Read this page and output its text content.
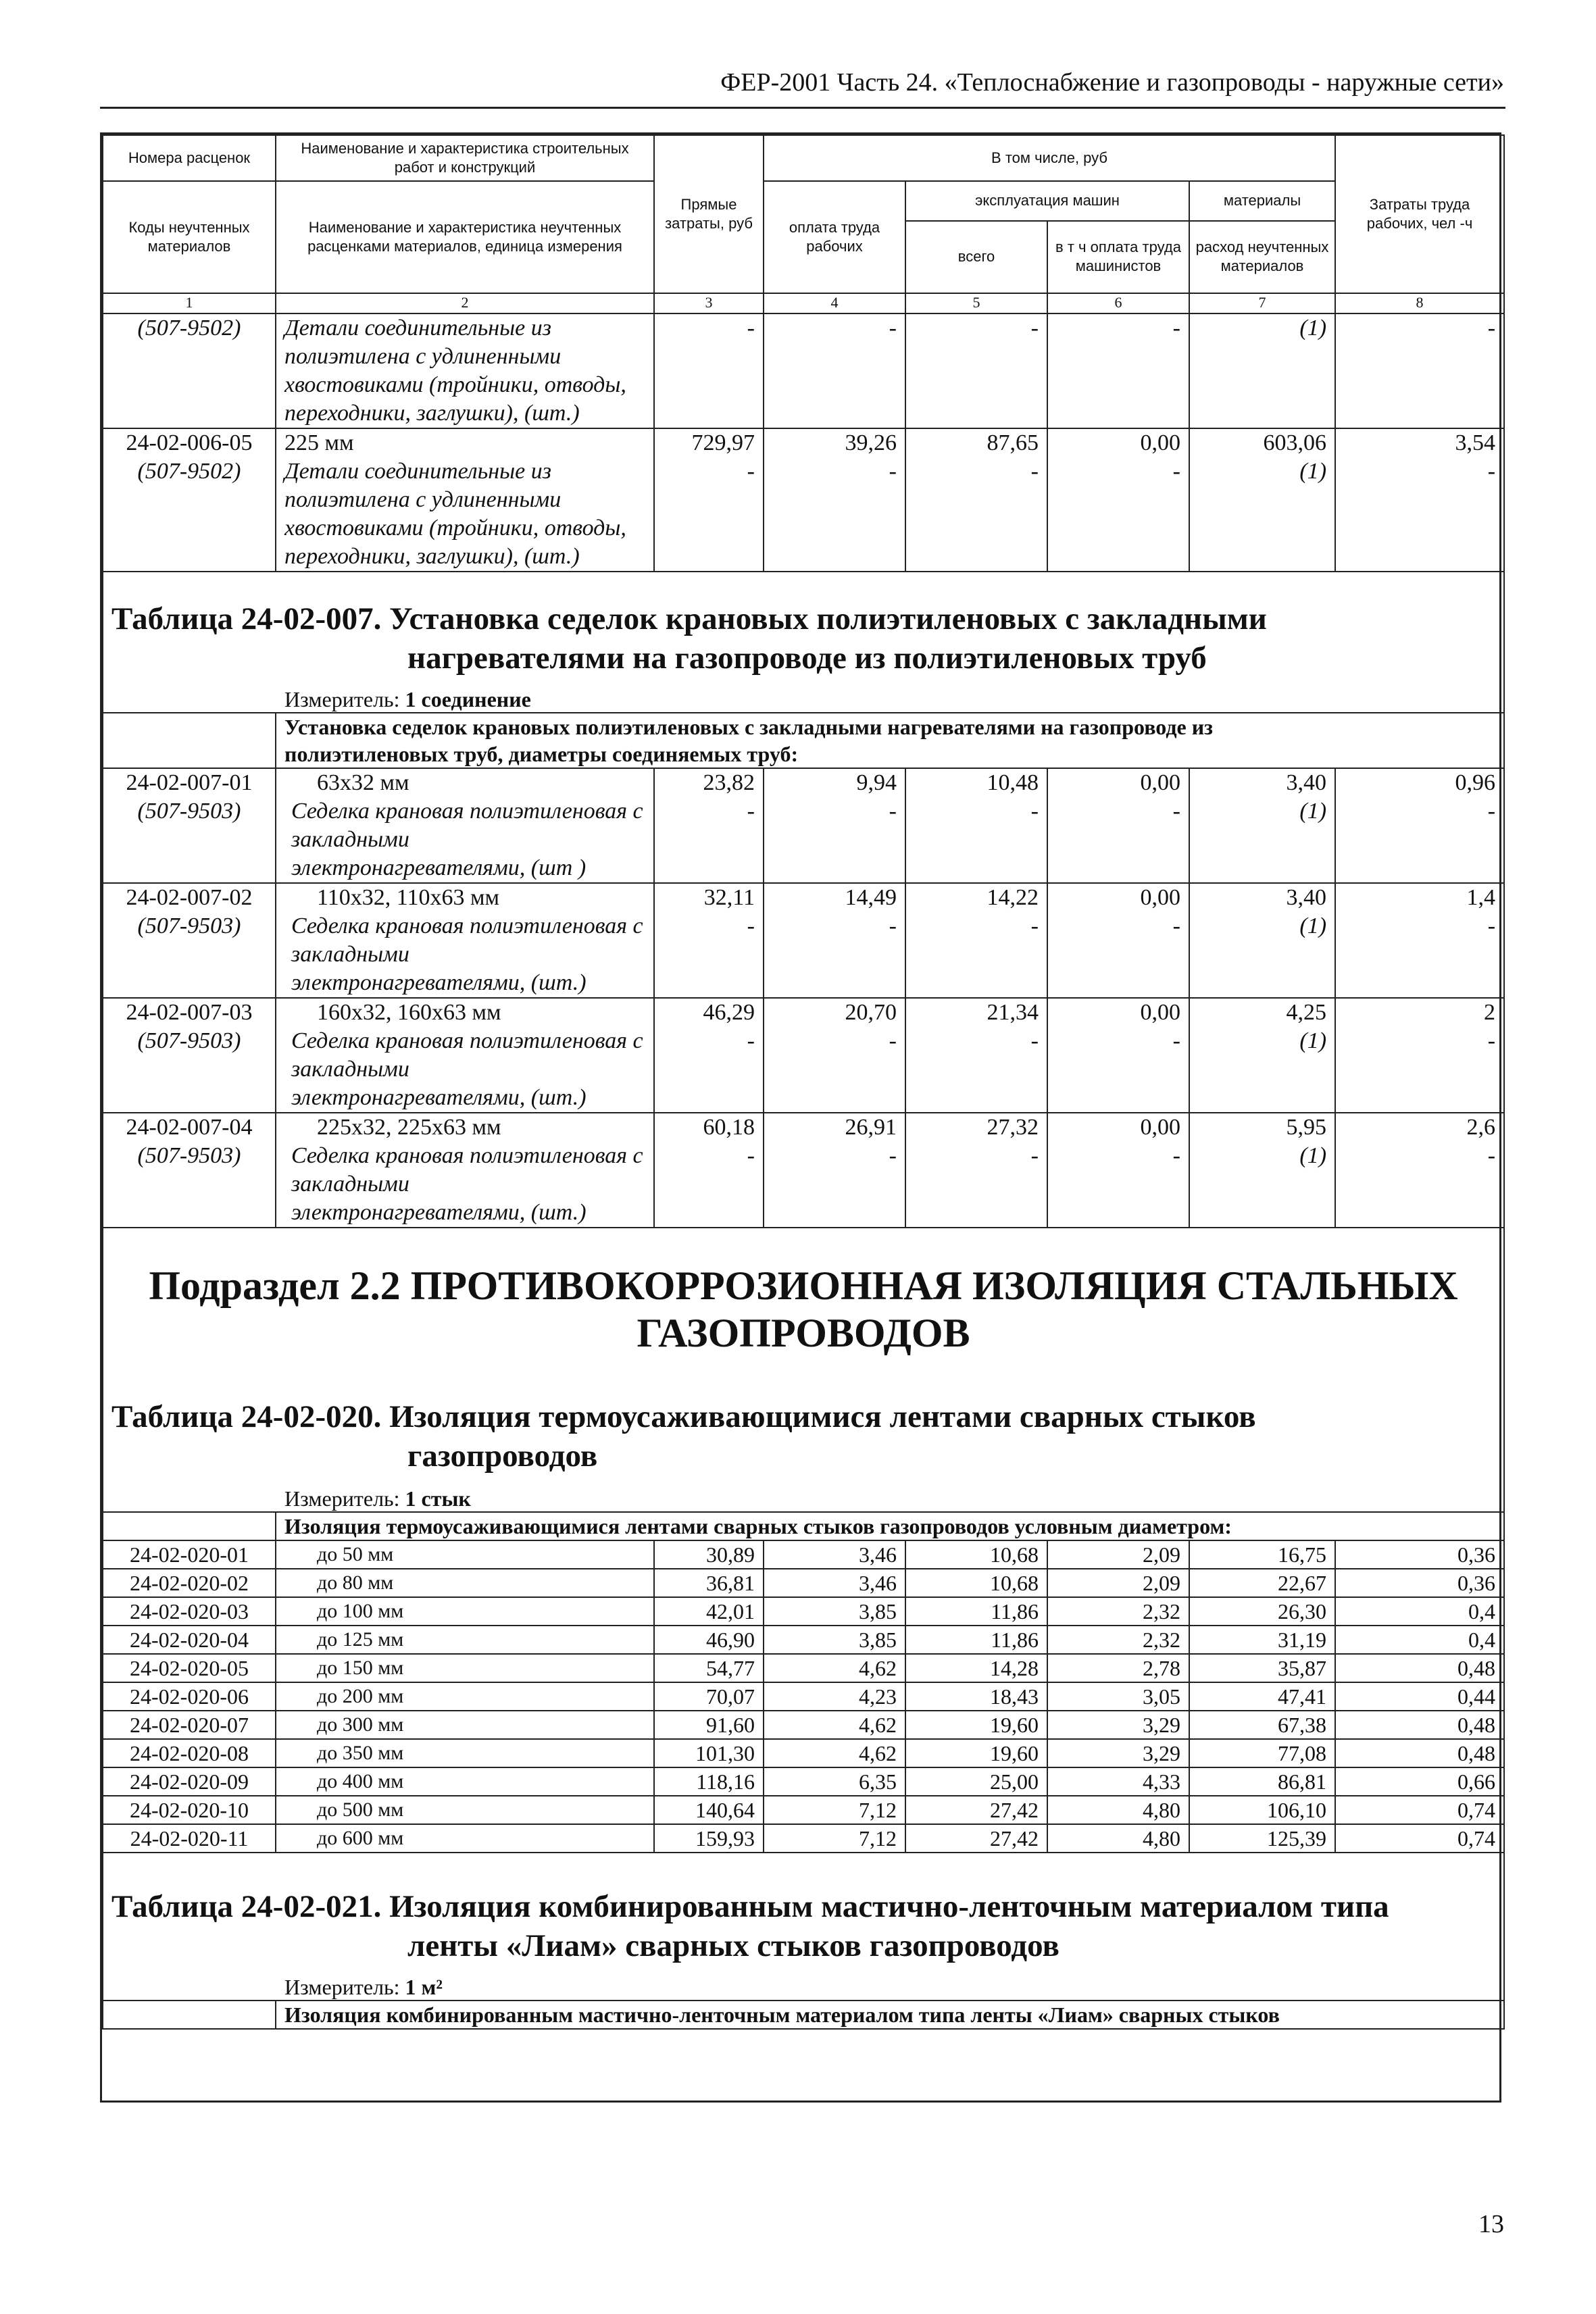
ФЕР-2001 Часть 24. «Теплоснабжение и газопроводы - наружные сети»
Номера расценок	Наименование и характеристика строительных работ и конструкций	Прямые затраты, руб	В том числе, руб				Затраты труда рабочих, чел -ч
Коды неучтенных материалов	Наименование и характеристика неучтенных расценками материалов, единица измерения		оплата труда рабочих	эксплуатация машин		материалы	
				всего	в т ч оплата труда машинистов	расход неучтенных материалов	
1	2	3	4	5	6	7	8
(507-9502)	Детали соединительные из полиэтилена с удлиненными хвостовиками (тройники, отводы, переходники, заглушки), (шт.)	-	-	-	-	(1)	-
24-02-006-05	225 мм	729,97	39,26	87,65	0,00	603,06	3,54
(507-9502)	Детали соединительные из полиэтилена с удлиненными хвостовиками (тройники, отводы, переходники, заглушки), (шт.)	-	-	-	-	(1)	-

Таблица 24-02-007. Установка седелок крановых полиэтиленовых с закладными
нагревателями на газопроводе из полиэтиленовых труб
Измеритель: 1 соединение							

	Установка седелок крановых полиэтиленовых с закладными нагревателями на газопроводе из
полиэтиленовых труб, диаметры соединяемых труб:						

24-02-007-01	63х32 мм	23,82	9,94	10,48	0,00	3,40	0,96
(507-9503)	Седелка крановая полиэтиленовая с закладными электронагревателями, (шт )	-	-	-	-	(1)	-
24-02-007-02	110х32, 110х63 мм	32,11	14,49	14,22	0,00	3,40	1,4
(507-9503)	Седелка крановая полиэтиленовая с закладными электронагревателями, (шт.)	-	-	-	-	(1)	-
24-02-007-03	160х32, 160х63 мм	46,29	20,70	21,34	0,00	4,25	2
(507-9503)	Седелка крановая полиэтиленовая с закладными электронагревателями, (шт.)	-	-	-	-	(1)	-
24-02-007-04	225х32, 225х63 мм	60,18	26,91	27,32	0,00	5,95	2,6
(507-9503)	Седелка крановая полиэтиленовая с закладными электронагревателями, (шт.)	-	-	-	-	(1)	-

Подраздел 2.2 ПРОТИВОКОРРОЗИОННАЯ ИЗОЛЯЦИЯ СТАЛЬНЫХ
ГАЗОПРОВОДОВ
Таблица 24-02-020. Изоляция термоусаживающимися лентами сварных стыков
газопроводов
Измеритель: 1 стык							

	Изоляция термоусаживающимися лентами сварных стыков газопроводов условным диаметром:						

24-02-020-01	до 50 мм	30,89	3,46	10,68	2,09	16,75	0,36
24-02-020-02	до 80 мм	36,81	3,46	10,68	2,09	22,67	0,36
24-02-020-03	до 100 мм	42,01	3,85	11,86	2,32	26,30	0,4
24-02-020-04	до 125 мм	46,90	3,85	11,86	2,32	31,19	0,4
24-02-020-05	до 150 мм	54,77	4,62	14,28	2,78	35,87	0,48
24-02-020-06	до 200 мм	70,07	4,23	18,43	3,05	47,41	0,44
24-02-020-07	до 300 мм	91,60	4,62	19,60	3,29	67,38	0,48
24-02-020-08	до 350 мм	101,30	4,62	19,60	3,29	77,08	0,48
24-02-020-09	до 400 мм	118,16	6,35	25,00	4,33	86,81	0,66
24-02-020-10	до 500 мм	140,64	7,12	27,42	4,80	106,10	0,74
24-02-020-11	до 600 мм	159,93	7,12	27,42	4,80	125,39	0,74

Таблица 24-02-021. Изоляция комбинированным мастично-ленточным материалом типа
ленты «Лиам» сварных стыков газопроводов
Измеритель: 1 м²							

	Изоляция комбинированным мастично-ленточным материалом типа ленты «Лиам» сварных стыков						
13
